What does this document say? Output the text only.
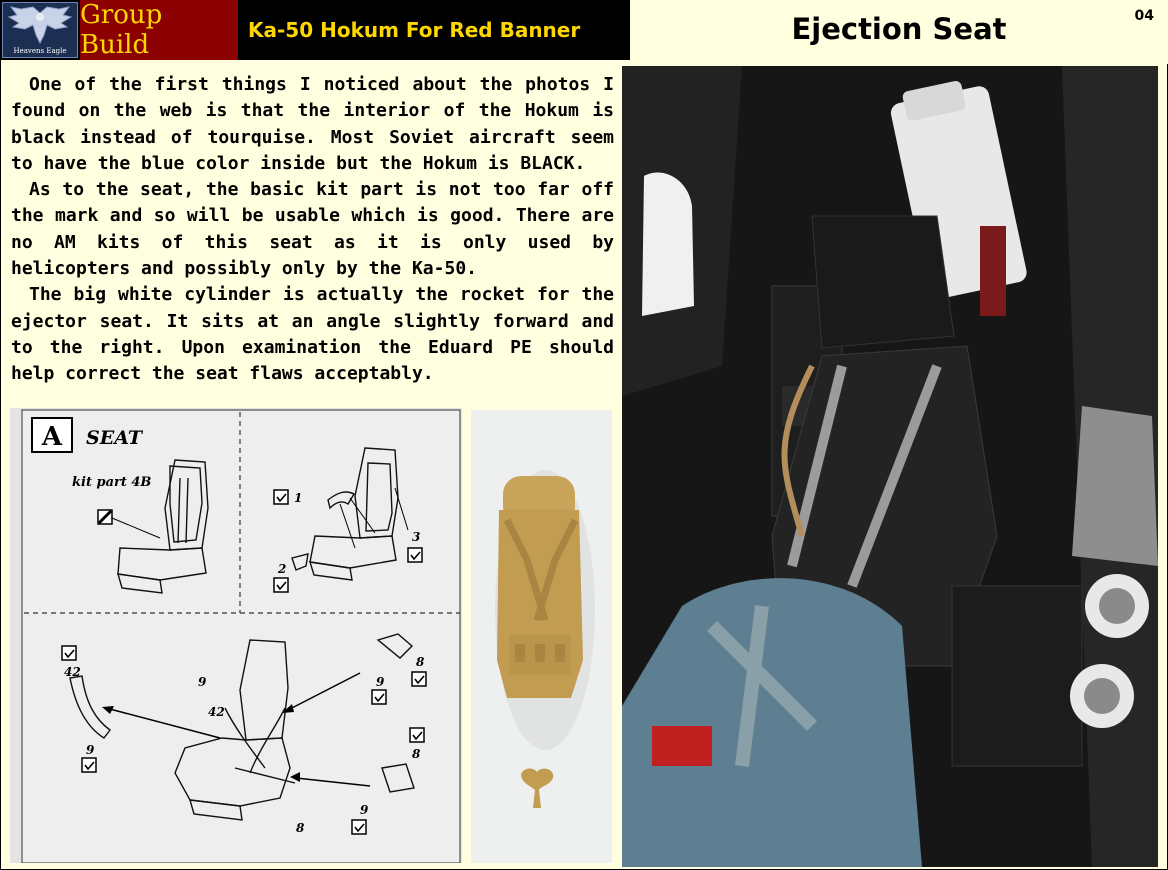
Heavens Eagle
Group Build	Ka-50 Hokum For Red Banner	Ejection Seat	04

One of the first things I noticed about the photos I found on the web is that the interior of the Hokum is black instead of tourquise. Most Soviet aircraft seem to have the blue color inside but the Hokum is BLACK.

As to the seat, the basic kit part is not too far off the mark and so will be usable which is good. There are no AM kits of this seat as it is only used by helicopters and possibly only by the Ka-50.

The big white cylinder is actually the rocket for the ejector seat. It sits at an angle slightly forward and to the right. Upon examination the Eduard PE should help correct the seat flaws acceptably.

A SEAT
kit part 4B
1
2
3
42
9
9
42
9
8
8
8
9
